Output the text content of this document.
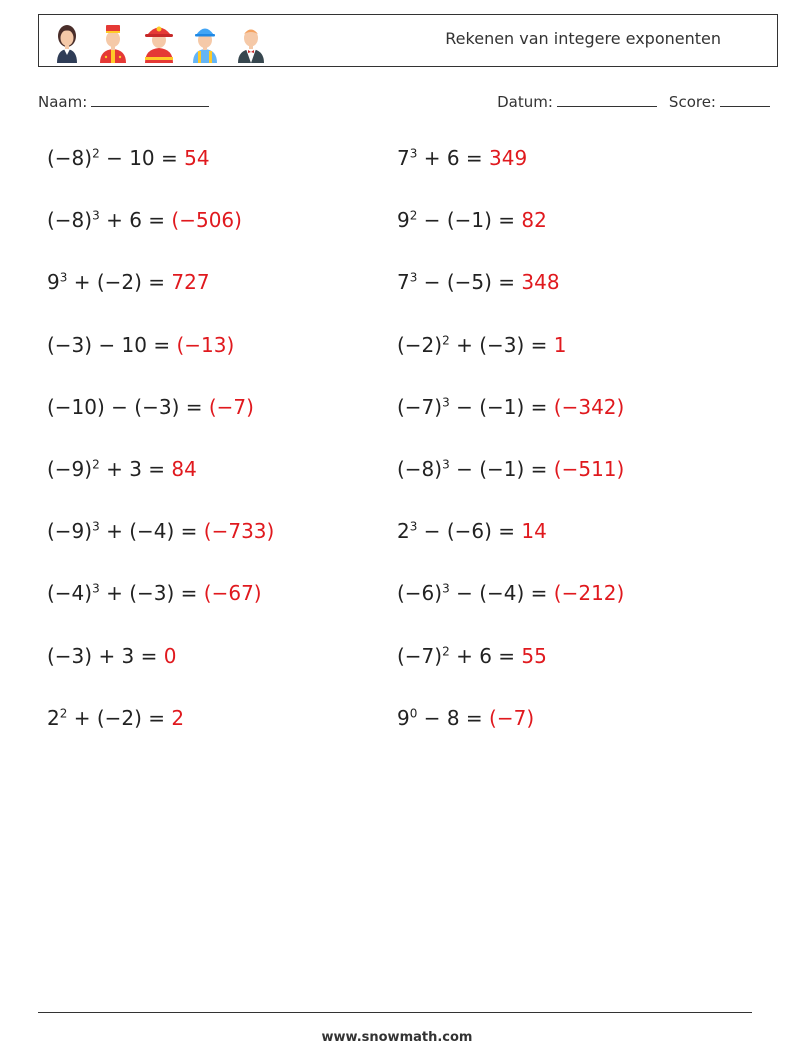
Rekenen van integere exponenten
Naam:	Datum:	Score:
$(-8)^2 - 10 = 54$
$(-8)^3 + 6 = (-506)$
$9^3 + (-2) = 727$
(−3) − 10 = (−13)
(−10) − (−3) = (−7)
$(-9)^2 + 3 = 84$
$(-9)^3 + (-4) = (-733)$
$(-4)^3 + (-3) = (-67)$
(−3) + 3 = 0
$2^2 + (-2) = 2$
$7^3 + 6 = 349$
$9^2 - (-1) = 82$
$7^3 - (-5) = 348$
$(-2)^2 + (-3) = 1$
$(-7)^3 - (-1) = (-342)$
$(-8)^3 - (-1) = (-511)$
$2^3 - (-6) = 14$
$(-6)^3 - (-4) = (-212)$
$(-7)^2 + 6 = 55$
$9^0 - 8 = (-7)$
www.snowmath.com
